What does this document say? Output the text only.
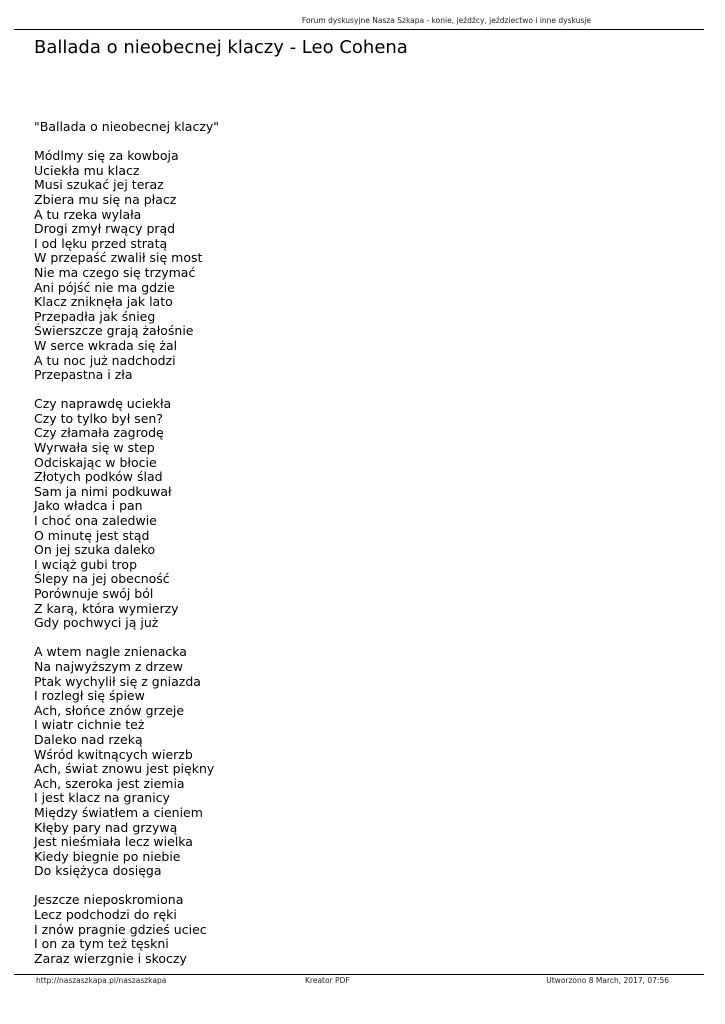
Forum dyskusyjne Nasza Szkapa - konie, jeźdźcy, jeździectwo i inne dyskusje
Ballada o nieobecnej klaczy - Leo Cohena
"Ballada o nieobecnej klaczy"
Módlmy się za kowboja
Uciekła mu klacz
Musi szukać jej teraz
Zbiera mu się na płacz
A tu rzeka wylała
Drogi zmył rwący prąd
I od lęku przed stratą
W przepaść zwalił się most
Nie ma czego się trzymać
Ani pójść nie ma gdzie
Klacz zniknęła jak lato
Przepadła jak śnieg
Świerszcze grają żałośnie
W serce wkrada się żal
A tu noc już nadchodzi
Przepastna i zła
Czy naprawdę uciekła
Czy to tylko był sen?
Czy złamała zagrodę
Wyrwała się w step
Odciskając w błocie
Złotych podków ślad
Sam ja nimi podkuwał
Jako władca i pan
I choć ona zaledwie
O minutę jest stąd
On jej szuka daleko
I wciąż gubi trop
Ślepy na jej obecność
Porównuje swój ból
Z karą, która wymierzy
Gdy pochwyci ją już
A wtem nagle znienacka
Na najwyższym z drzew
Ptak wychylił się z gniazda
I rozległ się śpiew
Ach, słońce znów grzeje
I wiatr cichnie też
Daleko nad rzeką
Wśród kwitnących wierzb
Ach, świat znowu jest piękny
Ach, szeroka jest ziemia
I jest klacz na granicy
Między światłem a cieniem
Kłęby pary nad grzywą
Jest nieśmiała lecz wielka
Kiedy biegnie po niebie
Do księżyca dosięga
Jeszcze nieposkromiona
Lecz podchodzi do ręki
I znów pragnie gdzieś uciec
I on za tym też tęskni
Zaraz wierzgnie i skoczy
http://naszaszkapa.pl/naszaszkapa	Kreator PDF	Utworzono 8 March, 2017, 07:56
